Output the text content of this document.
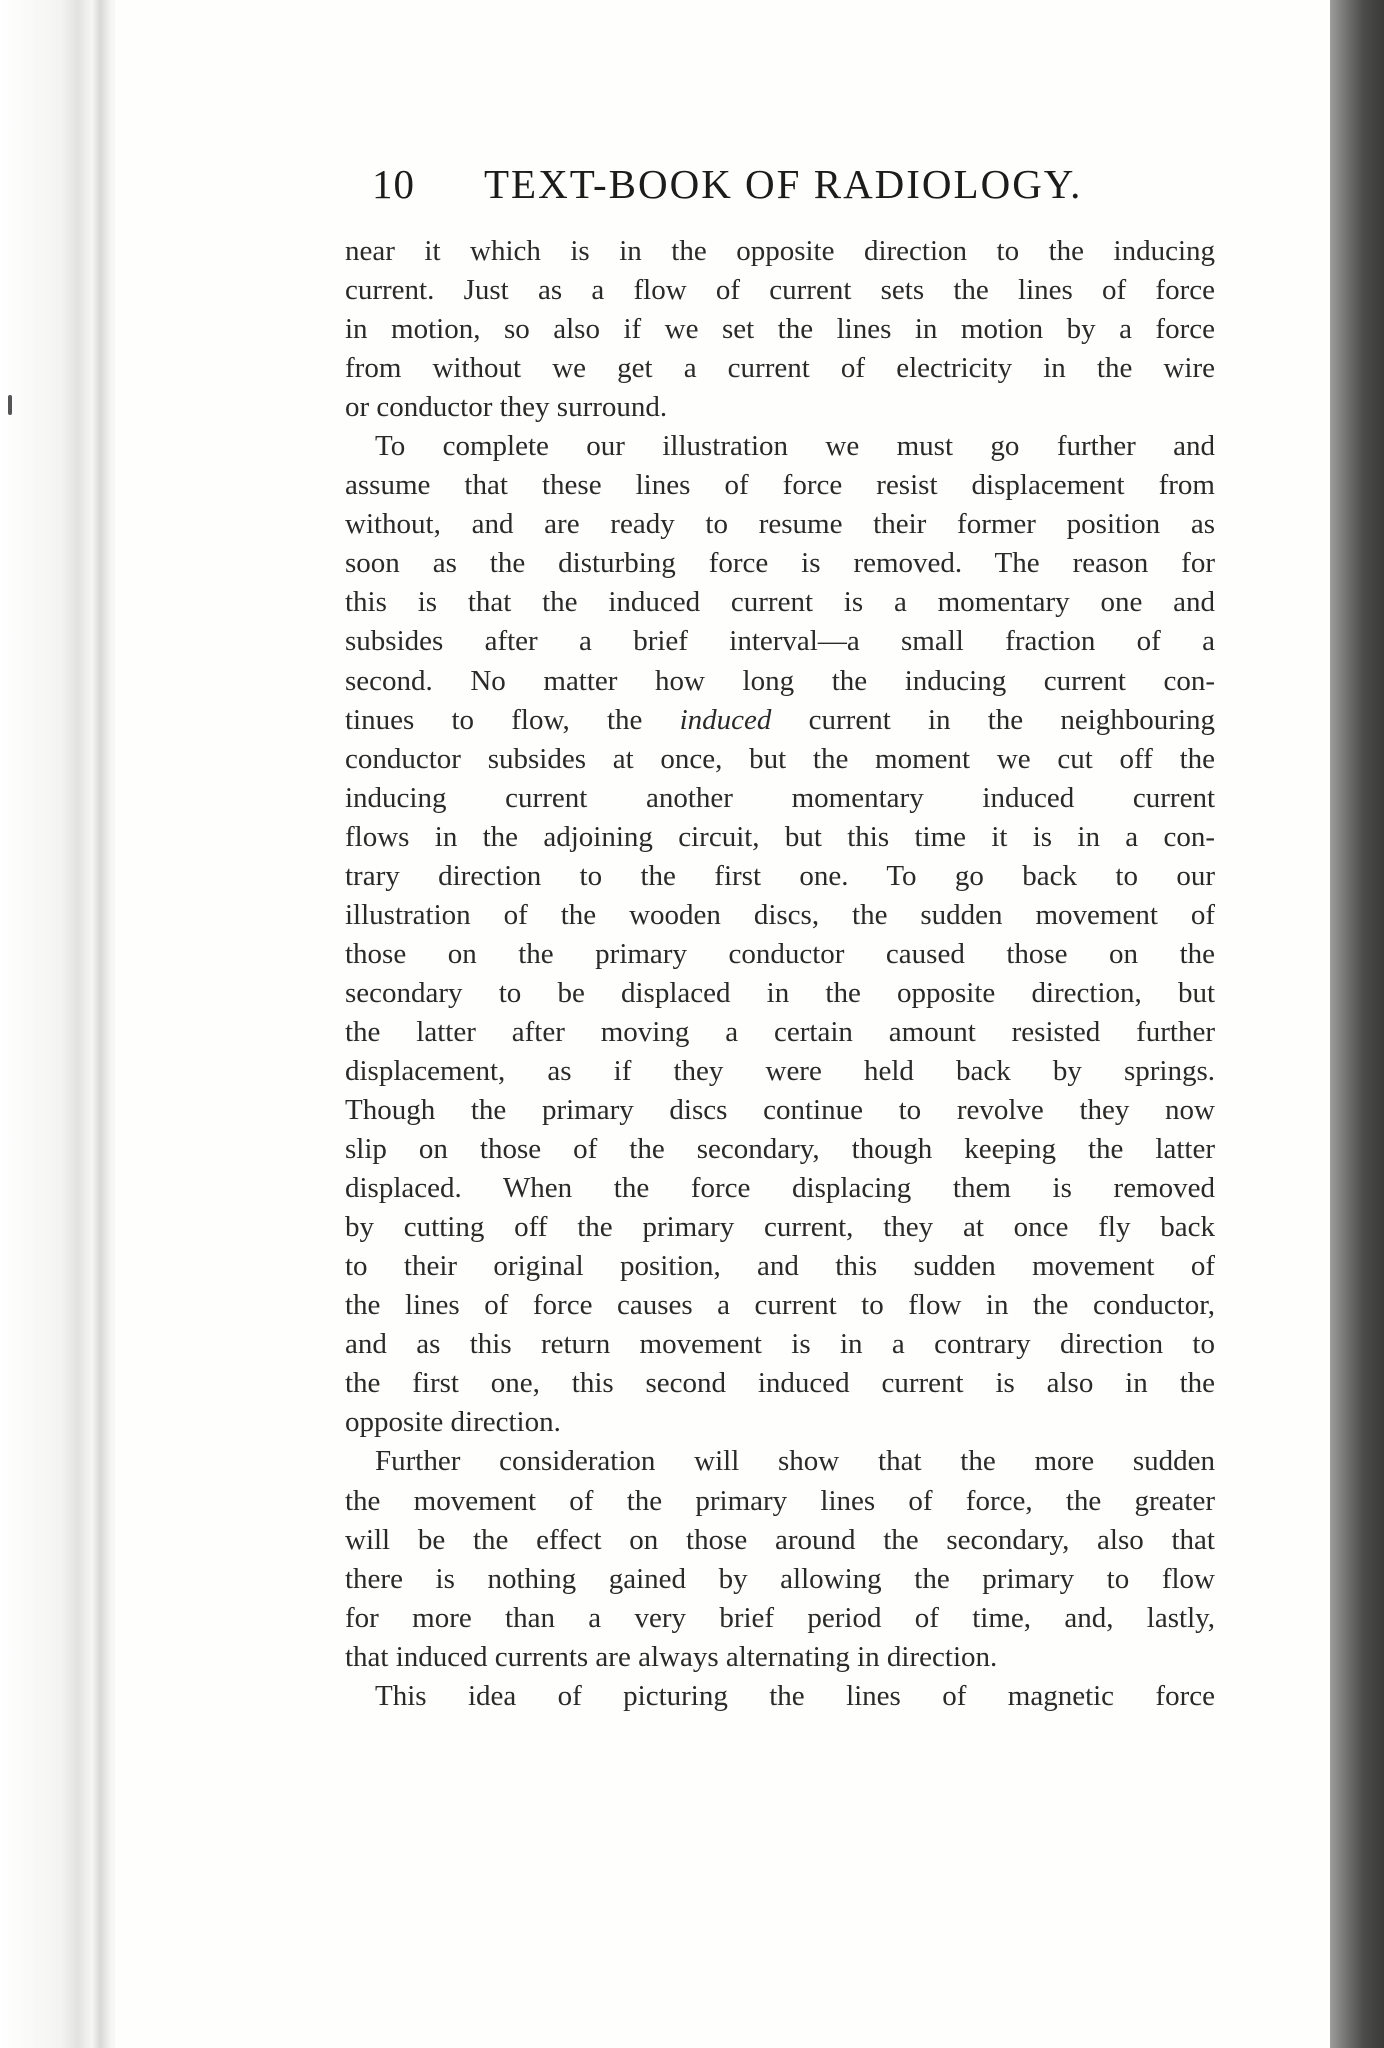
10 TEXT-BOOK OF RADIOLOGY.
near it which is in the opposite direction to the inducing
current. Just as a flow of current sets the lines of force
in motion, so also if we set the lines in motion by a force
from without we get a current of electricity in the wire
or conductor they surround.
To complete our illustration we must go further and
assume that these lines of force resist displacement from
without, and are ready to resume their former position as
soon as the disturbing force is removed. The reason for
this is that the induced current is a momentary one and
subsides after a brief interval—a small fraction of a
second. No matter how long the inducing current con-
tinues to flow, the induced current in the neighbouring
conductor subsides at once, but the moment we cut off the
inducing current another momentary induced current
flows in the adjoining circuit, but this time it is in a con-
trary direction to the first one. To go back to our
illustration of the wooden discs, the sudden movement of
those on the primary conductor caused those on the
secondary to be displaced in the opposite direction, but
the latter after moving a certain amount resisted further
displacement, as if they were held back by springs.
Though the primary discs continue to revolve they now
slip on those of the secondary, though keeping the latter
displaced. When the force displacing them is removed
by cutting off the primary current, they at once fly back
to their original position, and this sudden movement of
the lines of force causes a current to flow in the conductor,
and as this return movement is in a contrary direction to
the first one, this second induced current is also in the
opposite direction.
Further consideration will show that the more sudden
the movement of the primary lines of force, the greater
will be the effect on those around the secondary, also that
there is nothing gained by allowing the primary to flow
for more than a very brief period of time, and, lastly,
that induced currents are always alternating in direction.
This idea of picturing the lines of magnetic force
